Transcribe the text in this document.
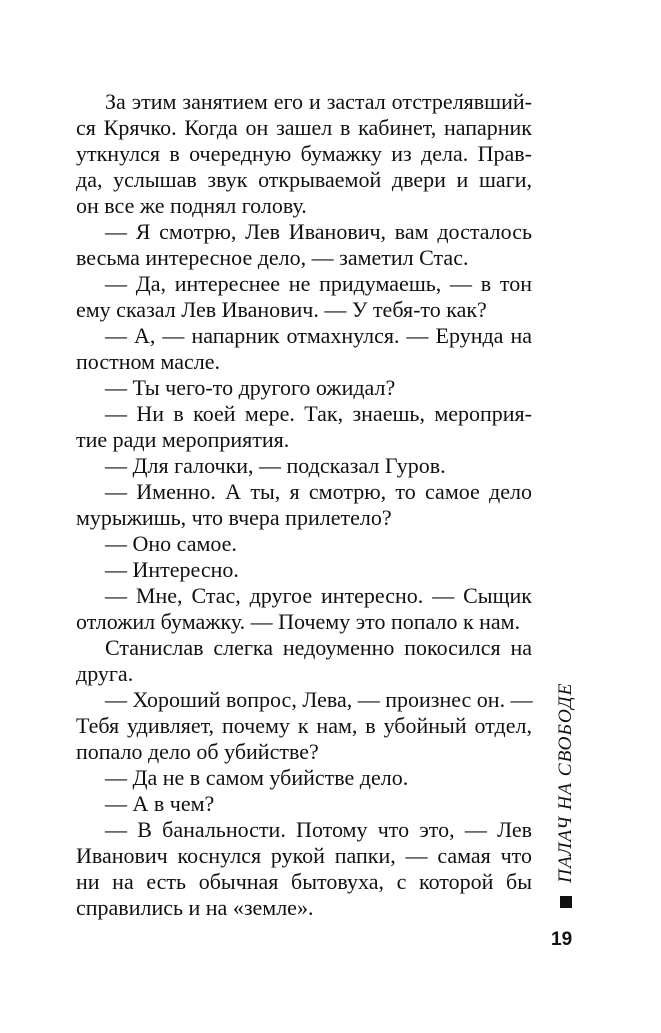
За этим занятием его и застал отстрелявший-
ся Крячко. Когда он зашел в кабинет, напарник
уткнулся в очередную бумажку из дела. Прав-
да, услышав звук открываемой двери и шаги,
он все же поднял голову.
— Я смотрю, Лев Иванович, вам досталось
весьма интересное дело, — заметил Стас.
— Да, интереснее не придумаешь, — в тон
ему сказал Лев Иванович. — У тебя-то как?
— А, — напарник отмахнулся. — Ерунда на
постном масле.
— Ты чего-то другого ожидал?
— Ни в коей мере. Так, знаешь, мероприя-
тие ради мероприятия.
— Для галочки, — подсказал Гуров.
— Именно. А ты, я смотрю, то самое дело
мурыжишь, что вчера прилетело?
— Оно самое.
— Интересно.
— Мне, Стас, другое интересно. — Сыщик
отложил бумажку. — Почему это попало к нам.
Станислав слегка недоуменно покосился на
друга.
— Хороший вопрос, Лева, — произнес он. —
Тебя удивляет, почему к нам, в убойный отдел,
попало дело об убийстве?
— Да не в самом убийстве дело.
— А в чем?
— В банальности. Потому что это, — Лев
Иванович коснулся рукой папки, — самая что
ни на есть обычная бытовуха, с которой бы
справились и на «земле».
ПАЛАЧ НА СВОБОДЕ
19
